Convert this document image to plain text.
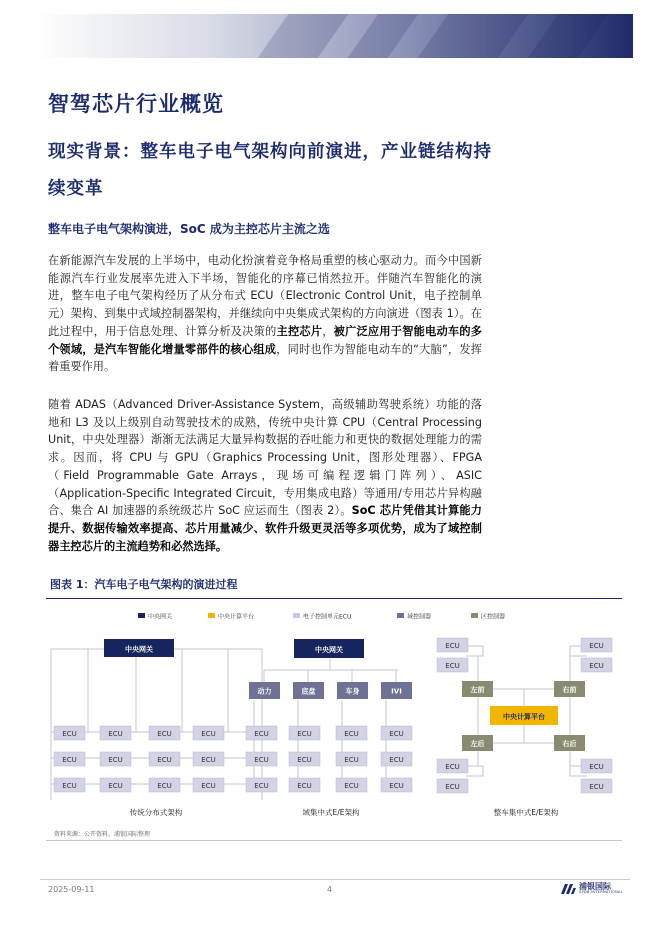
智驾芯片行业概览
现实背景：整车电子电气架构向前演进，产业链结构持续变革
整车电子电气架构演进，SoC 成为主控芯片主流之选

在新能源汽车发展的上半场中，电动化扮演着竞争格局重塑的核心驱动力。而今中国新能源汽车行业发展率先进入下半场，智能化的序幕已悄然拉开。伴随汽车智能化的演进，整车电子电气架构经历了从分布式 ECU（Electronic Control Unit，电子控制单元）架构、到集中式域控制器架构，并继续向中央集成式架构的方向演进（图表 1）。在此过程中，用于信息处理、计算分析及决策的主控芯片，被广泛应用于智能电动车的多个领域，是汽车智能化增量零部件的核心组成，同时也作为智能电动车的“大脑”，发挥着重要作用。

随着 ADAS（Advanced Driver-Assistance System，高级辅助驾驶系统）功能的落地和 L3 及以上级别自动驾驶技术的成熟，传统中央计算 CPU（Central Processing Unit，中央处理器）渐渐无法满足大量异构数据的吞吐能力和更快的数据处理能力的需求。因而，将 CPU 与 GPU（Graphics Processing Unit，图形处理器）、FPGA（Field Programmable Gate Arrays，现场可编程逻辑门阵列）、ASIC（Application-Specific Integrated Circuit，专用集成电路）等通用/专用芯片异构融合、集合 AI 加速器的系统级芯片 SoC 应运而生（图表 2）。SoC 芯片凭借其计算能力提升、数据传输效率提高、芯片用量减少、软件升级更灵活等多项优势，成为了域控制器主控芯片的主流趋势和必然选择。

图表 1：汽车电子电气架构的演进过程
中央网关	中央计算平台	电子控制单元ECU	域控制器	区控制器
中央网关
ECU
ECU
ECU
ECU
ECU
ECU
ECU
ECU
ECU
ECU
ECU
ECU
传统分布式架构
中央网关
动力	底盘	车身	IVI
ECU	ECU	ECU	ECU
ECU	ECU	ECU	ECU
ECU	ECU	ECU	ECU
域集中式E/E架构
中央计算平台
左前	右前
左后	右后
ECU
ECU
ECU
ECU
ECU
ECU
ECU
ECU
整车集中式E/E架构
资料来源：公开资料、浦银国际整理
2025-09-11	4	浦银国际
SPDB INTERNATIONAL
